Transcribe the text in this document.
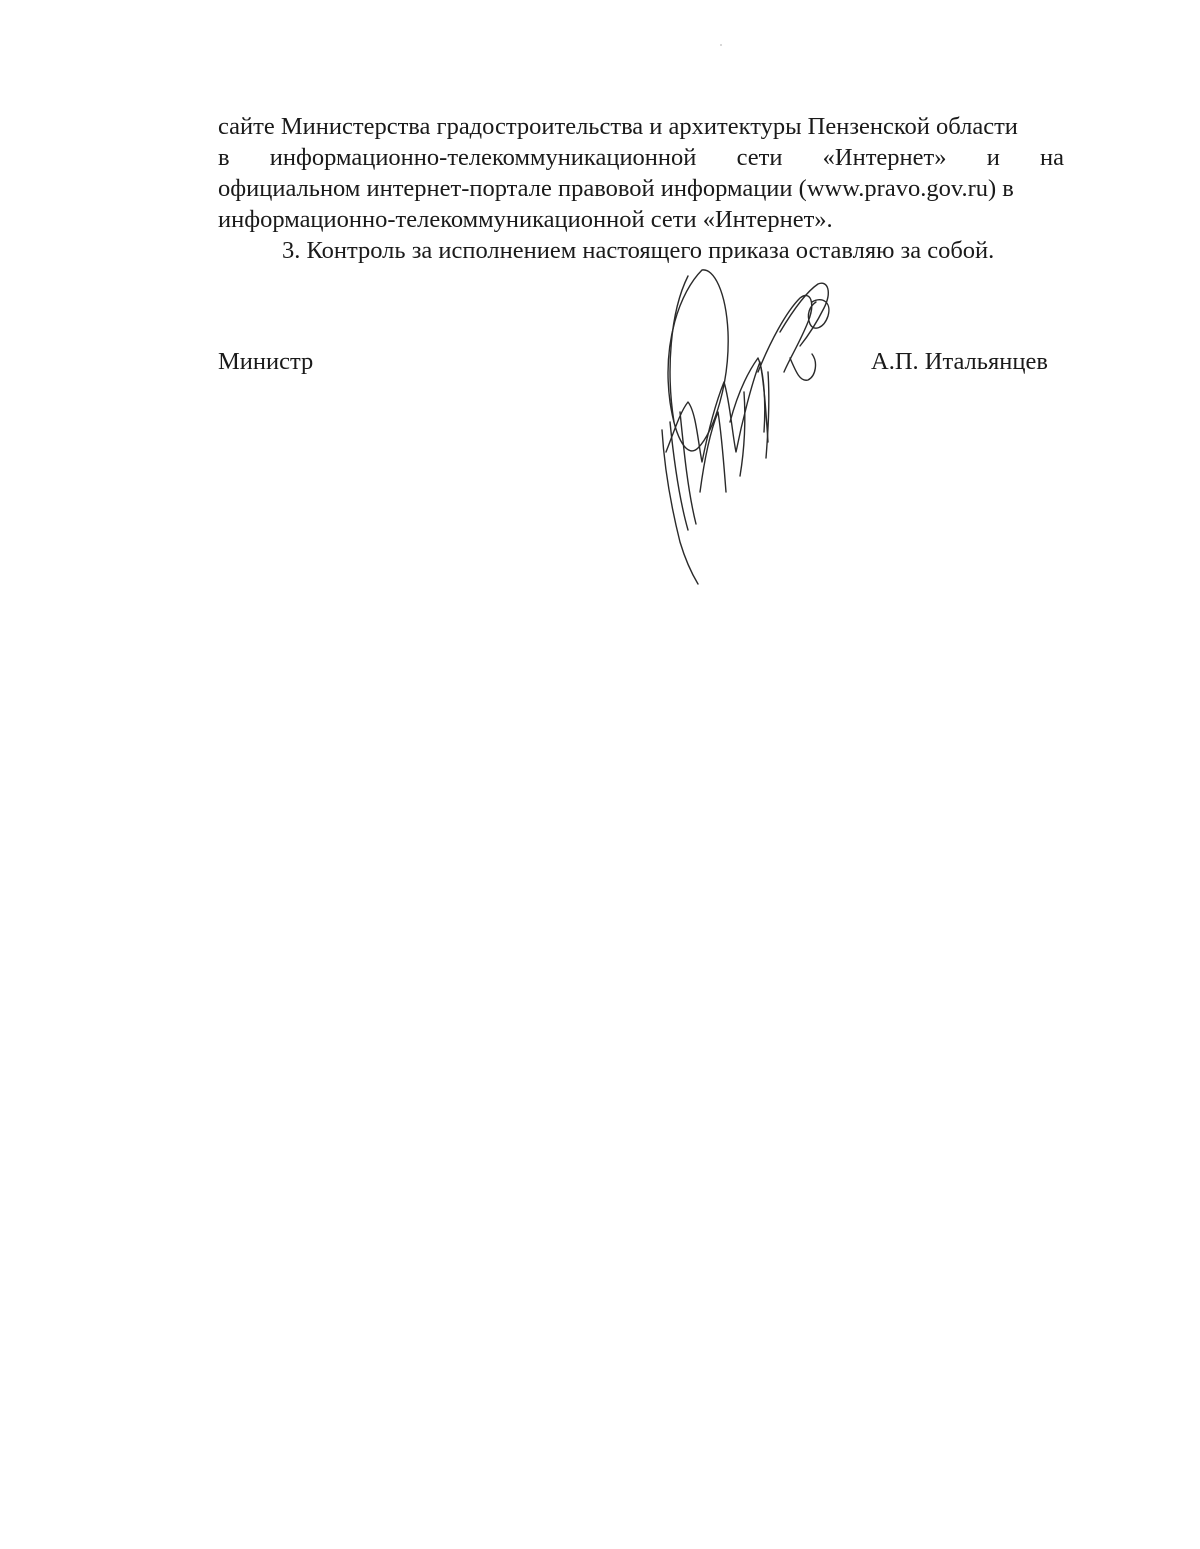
сайте Министерства градостроительства и архитектуры Пензенской области
в информационно-телекоммуникационной сети «Интернет» и на
официальном интернет-портале правовой информации (www.pravo.gov.ru) в
информационно-телекоммуникационной сети «Интернет».
3. Контроль за исполнением настоящего приказа оставляю за собой.
Министр	А.П. Итальянцев
